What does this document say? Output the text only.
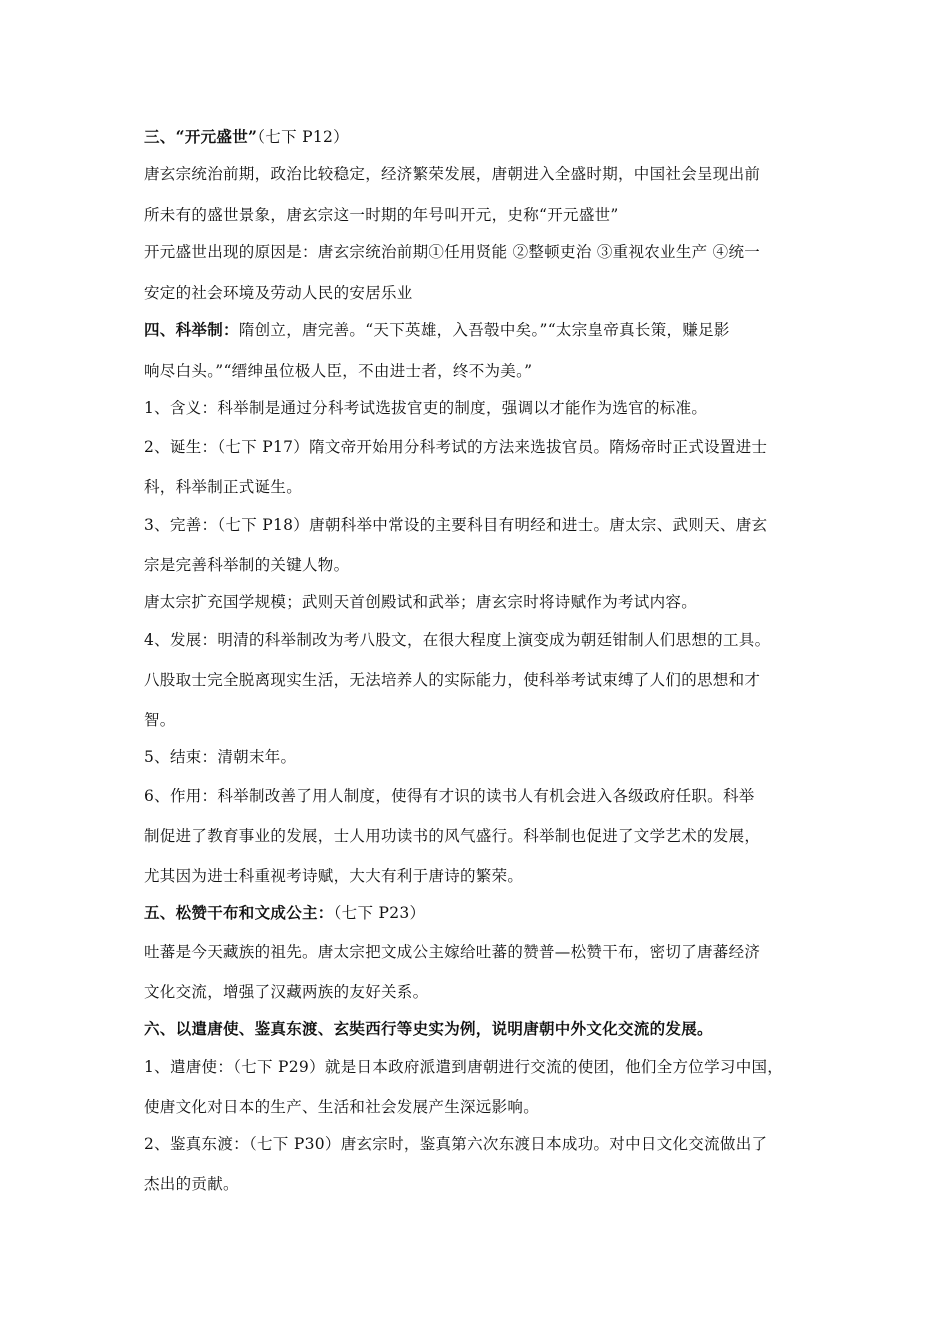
三、“开元盛世”（七下 P12）
唐玄宗统治前期，政治比较稳定，经济繁荣发展，唐朝进入全盛时期，中国社会呈现出前
所未有的盛世景象，唐玄宗这一时期的年号叫开元，史称“开元盛世”
开元盛世出现的原因是：唐玄宗统治前期①任用贤能 ②整顿吏治 ③重视农业生产 ④统一
安定的社会环境及劳动人民的安居乐业
四、科举制：隋创立，唐完善。“天下英雄，入吾彀中矣。”“太宗皇帝真长策，赚足影
响尽白头。”“缙绅虽位极人臣，不由进士者，终不为美。”
1、含义：科举制是通过分科考试选拔官吏的制度，强调以才能作为选官的标准。
2、诞生：（七下 P17）隋文帝开始用分科考试的方法来选拔官员。隋炀帝时正式设置进士
科，科举制正式诞生。
3、完善：（七下 P18）唐朝科举中常设的主要科目有明经和进士。唐太宗、武则天、唐玄
宗是完善科举制的关键人物。
唐太宗扩充国学规模；武则天首创殿试和武举；唐玄宗时将诗赋作为考试内容。
4、发展：明清的科举制改为考八股文，在很大程度上演变成为朝廷钳制人们思想的工具。
八股取士完全脱离现实生活，无法培养人的实际能力，使科举考试束缚了人们的思想和才
智。
5、结束：清朝末年。
6、作用：科举制改善了用人制度，使得有才识的读书人有机会进入各级政府任职。科举
制促进了教育事业的发展，士人用功读书的风气盛行。科举制也促进了文学艺术的发展，
尤其因为进士科重视考诗赋，大大有利于唐诗的繁荣。
五、松赞干布和文成公主：（七下 P23）
吐蕃是今天藏族的祖先。唐太宗把文成公主嫁给吐蕃的赞普—松赞干布，密切了唐蕃经济
文化交流，增强了汉藏两族的友好关系。
六、以遣唐使、鉴真东渡、玄奘西行等史实为例，说明唐朝中外文化交流的发展。
1、遣唐使：（七下 P29）就是日本政府派遣到唐朝进行交流的使团，他们全方位学习中国，
使唐文化对日本的生产、生活和社会发展产生深远影响。
2、鉴真东渡：（七下 P30）唐玄宗时，鉴真第六次东渡日本成功。对中日文化交流做出了
杰出的贡献。
